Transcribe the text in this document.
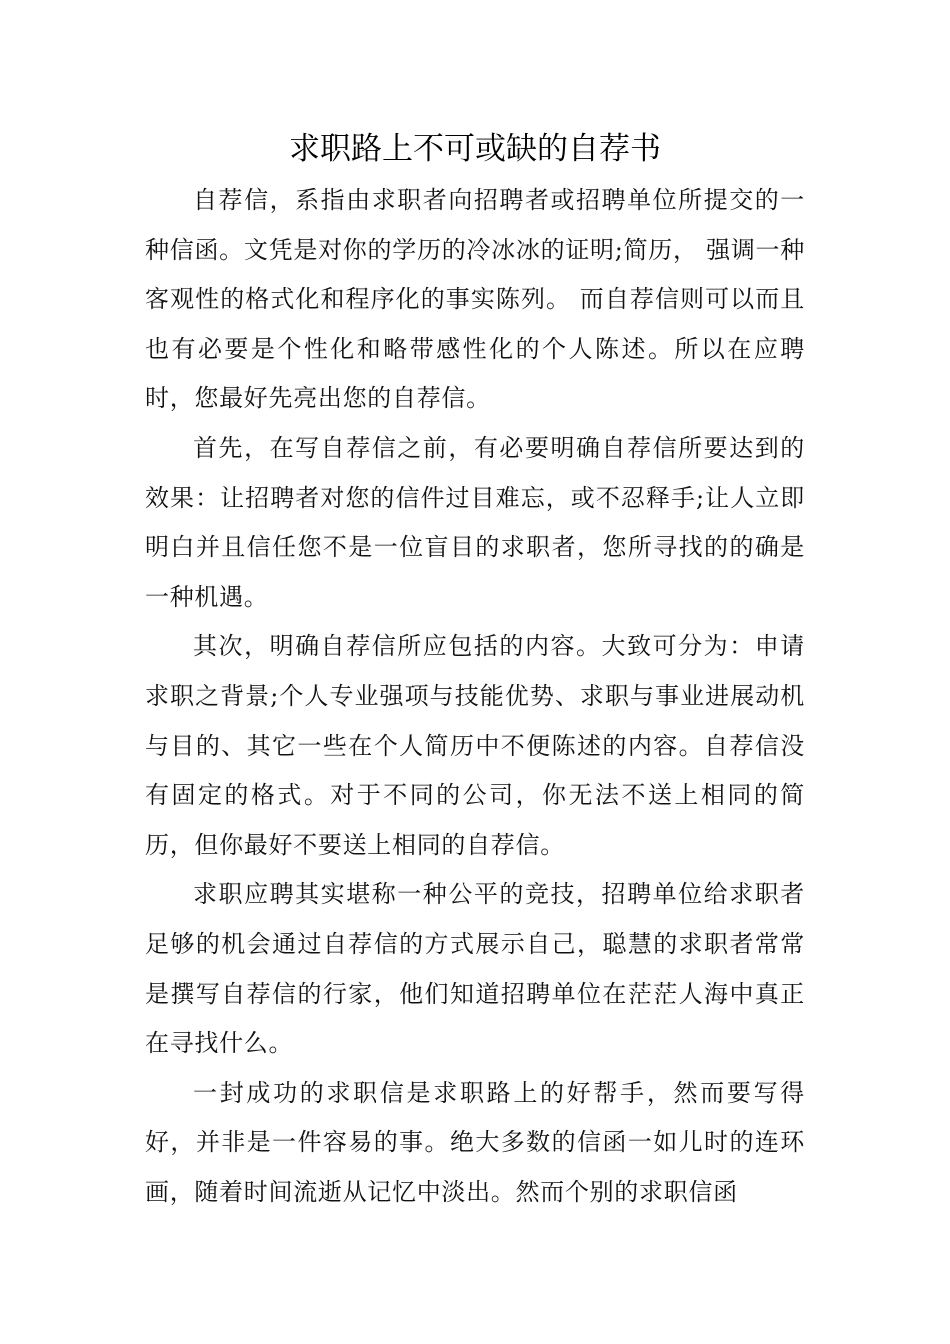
求职路上不可或缺的自荐书

自荐信，系指由求职者向招聘者或招聘单位所提交的一种信函。文凭是对你的学历的冷冰冰的证明;简历， 强调一种客观性的格式化和程序化的事实陈列。 而自荐信则可以而且也有必要是个性化和略带感性化的个人陈述。所以在应聘时，您最好先亮出您的自荐信。

首先，在写自荐信之前，有必要明确自荐信所要达到的效果：让招聘者对您的信件过目难忘，或不忍释手;让人立即明白并且信任您不是一位盲目的求职者，您所寻找的的确是一种机遇。

其次，明确自荐信所应包括的内容。大致可分为：申请求职之背景;个人专业强项与技能优势、求职与事业进展动机与目的、其它一些在个人简历中不便陈述的内容。自荐信没有固定的格式。对于不同的公司，你无法不送上相同的简历，但你最好不要送上相同的自荐信。

求职应聘其实堪称一种公平的竞技，招聘单位给求职者足够的机会通过自荐信的方式展示自己，聪慧的求职者常常是撰写自荐信的行家，他们知道招聘单位在茫茫人海中真正在寻找什么。

一封成功的求职信是求职路上的好帮手，然而要写得好，并非是一件容易的事。绝大多数的信函一如儿时的连环画，随着时间流逝从记忆中淡出。然而个别的求职信函
